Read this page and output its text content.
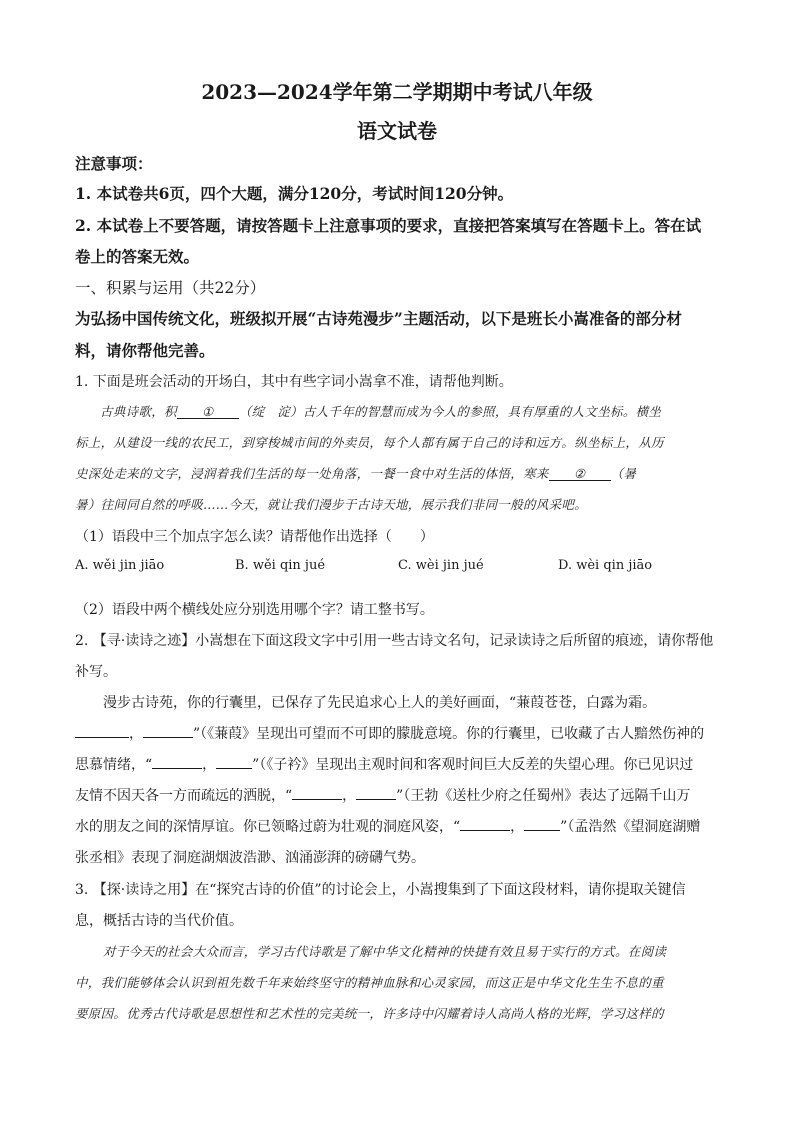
2023—2024学年第二学期期中考试八年级
语文试卷
注意事项：
1. 本试卷共6页，四个大题，满分120分，考试时间120分钟。
2. 本试卷上不要答题，请按答题卡上注意事项的要求，直接把答案填写在答题卡上。答在试
卷上的答案无效。
一、积累与运用（共22分）
为弘扬中国传统文化，班级拟开展“古诗苑漫步”主题活动，以下是班长小嵩准备的部分材
料，请你帮他完善。
1. 下面是班会活动的开场白，其中有些字词小嵩拿不准，请帮他判断。
古典诗歌，积 ① （绽　淀）古人千年的智慧而成为今人的参照，具有厚重的人文坐标。横坐
标上，从建设一线的农民工，到穿梭城市间的外卖员，每个人都有属于自己的诗和远方。纵坐标上，从历
史深处走来的文字，浸润着我们生活的每一处角落，一餐一食中对生活的体悟，寒来 ② （暑
暑）往间同自然的呼吸……今天，就让我们漫步于古诗天地，展示我们非同一般的风采吧。
（1）语段中三个加点字怎么读？请帮他作出选择（　　）
A. wěi jin jiāo	B. wěi qin jué	C. wèi jin jué	D. wèi qin jiāo
（2）语段中两个横线处应分别选用哪个字？请工整书写。
2. 【寻·读诗之迹】小嵩想在下面这段文字中引用一些古诗文名句，记录读诗之后所留的痕迹，请你帮他
补写。
漫步古诗苑，你的行囊里，已保存了先民追求心上人的美好画面，“蒹葭苍苍，白露为霜。
，	”（《蒹葭》呈现出可望而不可即的朦胧意境。你的行囊里，已收藏了古人黯然伤神的
思慕情绪，“	，	”（《子衿》呈现出主观时间和客观时间巨大反差的失望心理。你已见识过
友情不因天各一方而疏远的洒脱，“	，	”（王勃《送杜少府之任蜀州》表达了远隔千山万
水的朋友之间的深情厚谊。你已领略过蔚为壮观的洞庭风姿，“	，	”（孟浩然《望洞庭湖赠
张丞相》表现了洞庭湖烟波浩渺、汹涌澎湃的磅礴气势。
3. 【探·读诗之用】在“探究古诗的价值”的讨论会上，小嵩搜集到了下面这段材料，请你提取关键信
息，概括古诗的当代价值。
对于今天的社会大众而言，学习古代诗歌是了解中华文化精神的快捷有效且易于实行的方式。在阅读
中，我们能够体会认识到祖先数千年来始终坚守的精神血脉和心灵家园，而这正是中华文化生生不息的重
要原因。优秀古代诗歌是思想性和艺术性的完美统一，许多诗中闪耀着诗人高尚人格的光辉，学习这样的
